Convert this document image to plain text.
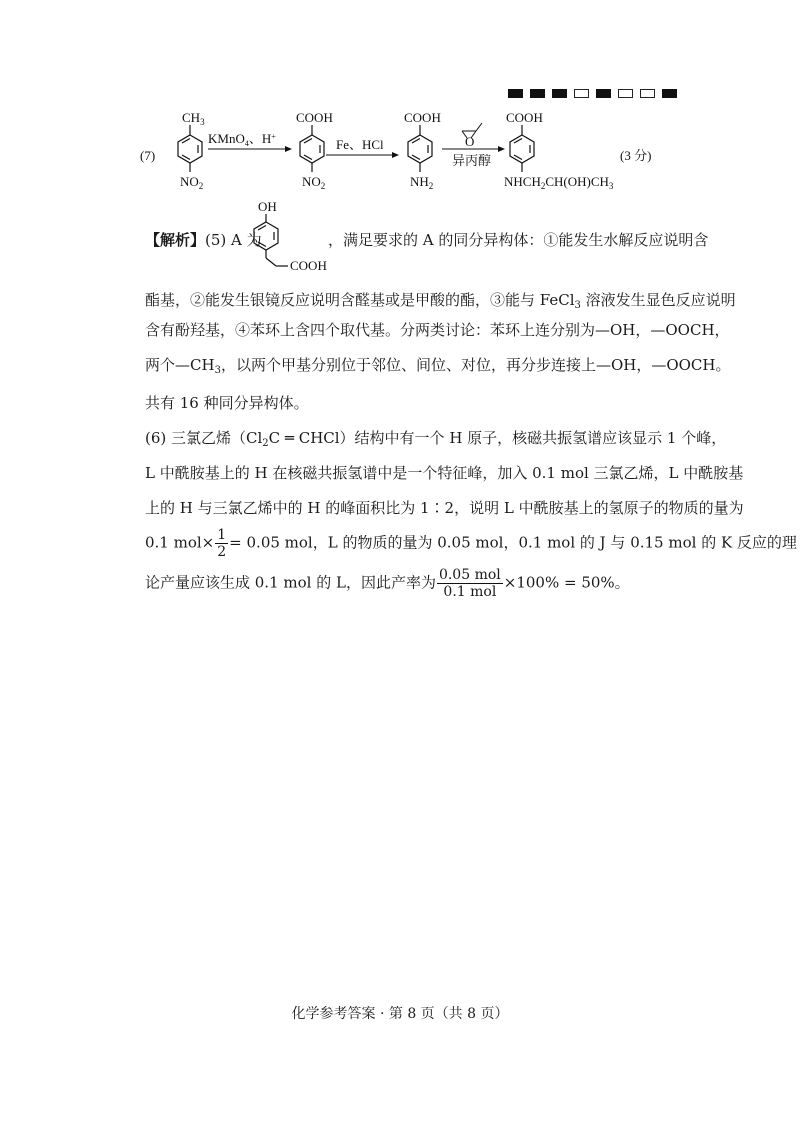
(7)
$CH_3$
$NO_2$
KMnO$_4$、H+
COOH
$NO_2$
Fe、HCl
COOH
$NH_2$
O
异丙醇
COOH
$NHCH_2CH(OH)CH_3$
(3 分)
【解析】(5) A 为
OH
COOH
，满足要求的 A 的同分异构体：①能发生水解反应说明含
酯基，②能发生银镜反应说明含醛基或是甲酸的酯，③能与 FeCl$_3$ 溶液发生显色反应说明
含有酚羟基，④苯环上含四个取代基。分两类讨论：苯环上连分别为—OH，—OOCH，
两个$—CH_3$，以两个甲基分别位于邻位、间位、对位，再分步连接上—OH，—OOCH。
共有 16 种同分异构体。
(6) 三氯乙烯（$Cl_2C$ ═ CHCl）结构中有一个 H 原子，核磁共振氢谱应该显示 1 个峰，
L 中酰胺基上的 H 在核磁共振氢谱中是一个特征峰，加入 0.1 mol 三氯乙烯，L 中酰胺基
上的 H 与三氯乙烯中的 H 的峰面积比为 1∶2，说明 L 中酰胺基上的氢原子的物质的量为
0.1 $mol\times \frac{1}{2} = 0.05$ mol，L 的物质的量为 0.05 mol，0.1 mol 的 J 与 0.15 mol 的 K 反应的理
论产量应该生成 0.1 mol 的 L，因此产率为 $\frac{\text{0.05 mol}}{\text{0.1 mol}} \times 100\% = 50\%$。
化学参考答案 · 第 8 页（共 8 页）
